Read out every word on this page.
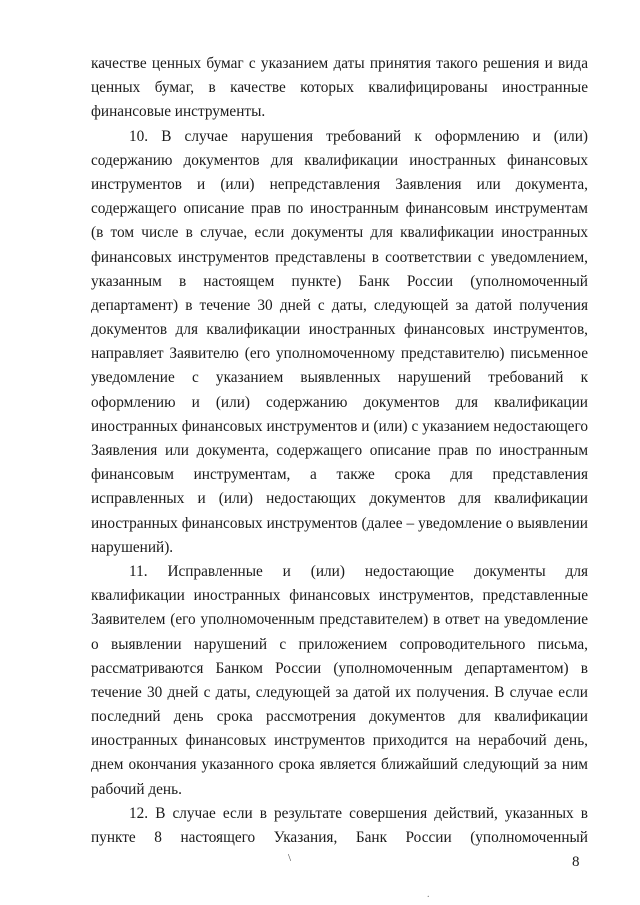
качестве ценных бумаг с указанием даты принятия такого решения и вида
ценных бумаг, в качестве которых квалифицированы иностранные
финансовые инструменты.
10. В случае нарушения требований к оформлению и (или)
содержанию документов для квалификации иностранных финансовых
инструментов и (или) непредставления Заявления или документа,
содержащего описание прав по иностранным финансовым инструментам
(в том числе в случае, если документы для квалификации иностранных
финансовых инструментов представлены в соответствии с уведомлением,
указанным в настоящем пункте) Банк России (уполномоченный
департамент) в течение 30 дней с даты, следующей за датой получения
документов для квалификации иностранных финансовых инструментов,
направляет Заявителю (его уполномоченному представителю) письменное
уведомление с указанием выявленных нарушений требований к
оформлению и (или) содержанию документов для квалификации
иностранных финансовых инструментов и (или) с указанием недостающего
Заявления или документа, содержащего описание прав по иностранным
финансовым инструментам, а также срока для представления
исправленных и (или) недостающих документов для квалификации
иностранных финансовых инструментов (далее – уведомление о выявлении
нарушений).
11. Исправленные и (или) недостающие документы для
квалификации иностранных финансовых инструментов, представленные
Заявителем (его уполномоченным представителем) в ответ на уведомление
о выявлении нарушений с приложением сопроводительного письма,
рассматриваются Банком России (уполномоченным департаментом) в
течение 30 дней с даты, следующей за датой их получения. В случае если
последний день срока рассмотрения документов для квалификации
иностранных финансовых инструментов приходится на нерабочий день,
днем окончания указанного срока является ближайший следующий за ним
рабочий день.
12. В случае если в результате совершения действий, указанных в
пункте 8 настоящего Указания, Банк России (уполномоченный
\
.
8
